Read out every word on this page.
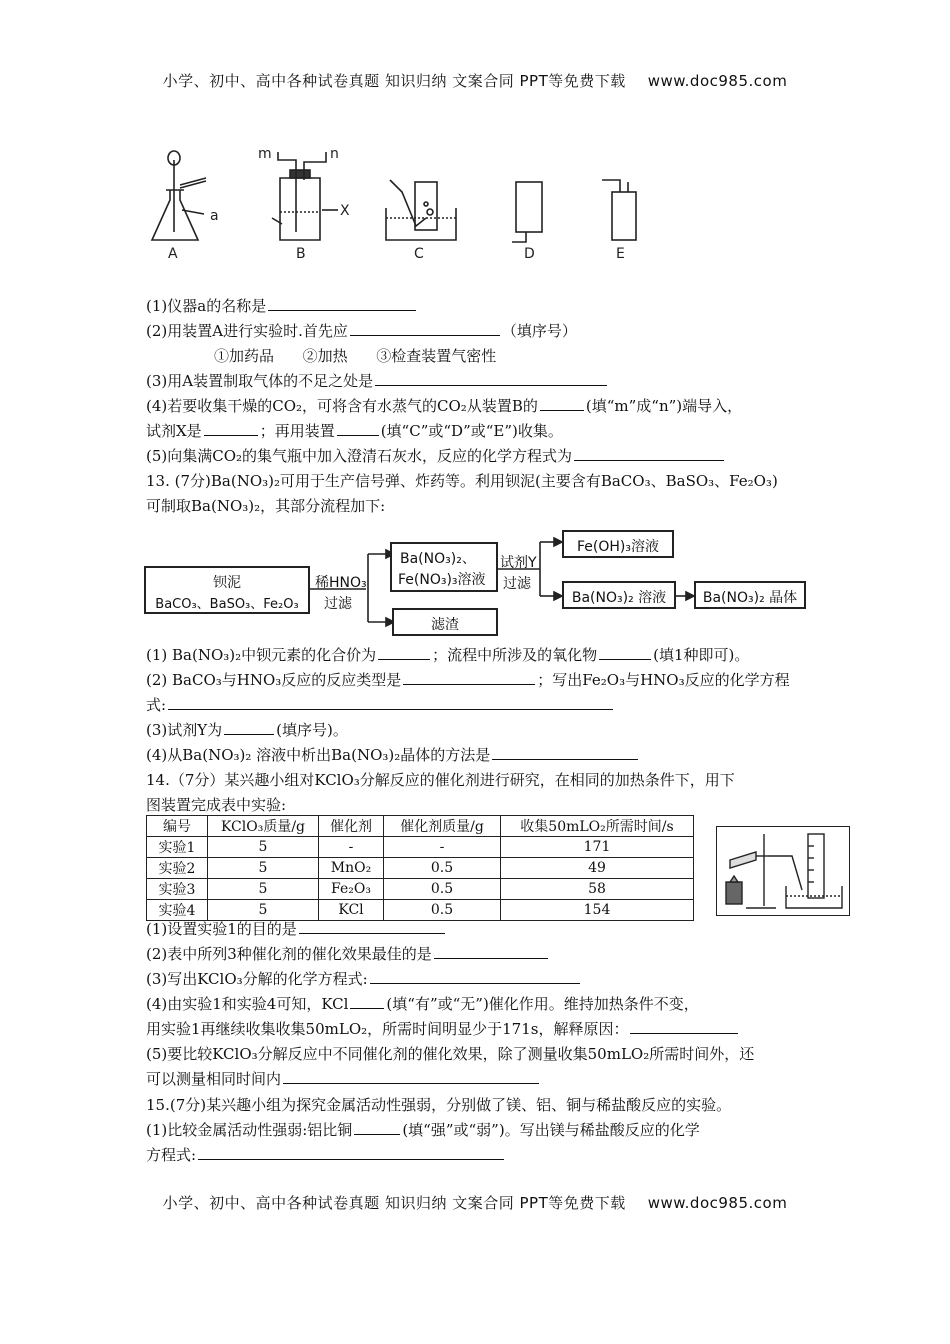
小学、初中、高中各种试卷真题 知识归纳 文案合同 PPT等免费下载 www.doc985.com
A	B	C	D	E
a
m	n
X
(1)仪器a的名称是
(2)用装置A进行实验时.首先应	（填序号）
①加药品 ②加热 ③检查装置气密性
(3)用A装置制取气体的不足之处是
(4)若要收集干燥的CO₂，可将含有水蒸气的CO₂从装置B的	(填“m”成“n”)端导入，
试剂X是	；再用装置	(填“C”或“D”或“E”)收集。
(5)向集满CO₂的集气瓶中加入澄清石灰水，反应的化学方程式为
13. (7分)Ba(NO₃)₂可用于生产信号弹、炸药等。利用钡泥(主要含有BaCO₃、BaSO₃、Fe₂O₃)
可制取Ba(NO₃)₂，其部分流程加下:
钡泥
BaCO₃、BaSO₃、Fe₂O₃
稀HNO₃
过滤
Ba(NO₃)₂、
Fe(NO₃)₃溶液
滤渣
试剂Y
过滤
Fe(OH)₃溶液
Ba(NO₃)₂ 溶液	Ba(NO₃)₂ 晶体
(1) Ba(NO₃)₂中钡元素的化合价为	；流程中所涉及的氧化物	(填1种即可)。
(2) BaCO₃与HNO₃反应的反应类型是	；写出Fe₂O₃与HNO₃反应的化学方程
式:
(3)试剂Y为	(填序号)。
(4)从Ba(NO₃)₂ 溶液中析出Ba(NO₃)₂晶体的方法是
14.（7分）某兴趣小组对KClO₃分解反应的催化剂进行研究，在相同的加热条件下，用下
图装置完成表中实验:
编号	KClO₃质量/g	催化剂	催化剂质量/g	收集50mLO₂所需时间/s
实验1	5	-	-	171
实验2	5	MnO₂	0.5	49
实验3	5	Fe₂O₃	0.5	58
实验4	5	KCl	0.5	154
(1)设置实验1的目的是
(2)表中所列3种催化剂的催化效果最佳的是
(3)写出KClO₃分解的化学方程式:
(4)由实验1和实验4可知，KCl	(填“有”或“无”)催化作用。维持加热条件不变，
用实验1再继续收集收集50mLO₂，所需时间明显少于171s，解释原因：
(5)要比较KClO₃分解反应中不同催化剂的催化效果，除了测量收集50mLO₂所需时间外，还
可以测量相同时间内
15.(7分)某兴趣小组为探究金属活动性强弱，分别做了镁、铝、铜与稀盐酸反应的实验。
(1)比较金属活动性强弱:铝比铜	(填“强”或“弱”)。写出镁与稀盐酸反应的化学
方程式:
小学、初中、高中各种试卷真题 知识归纳 文案合同 PPT等免费下载 www.doc985.com
